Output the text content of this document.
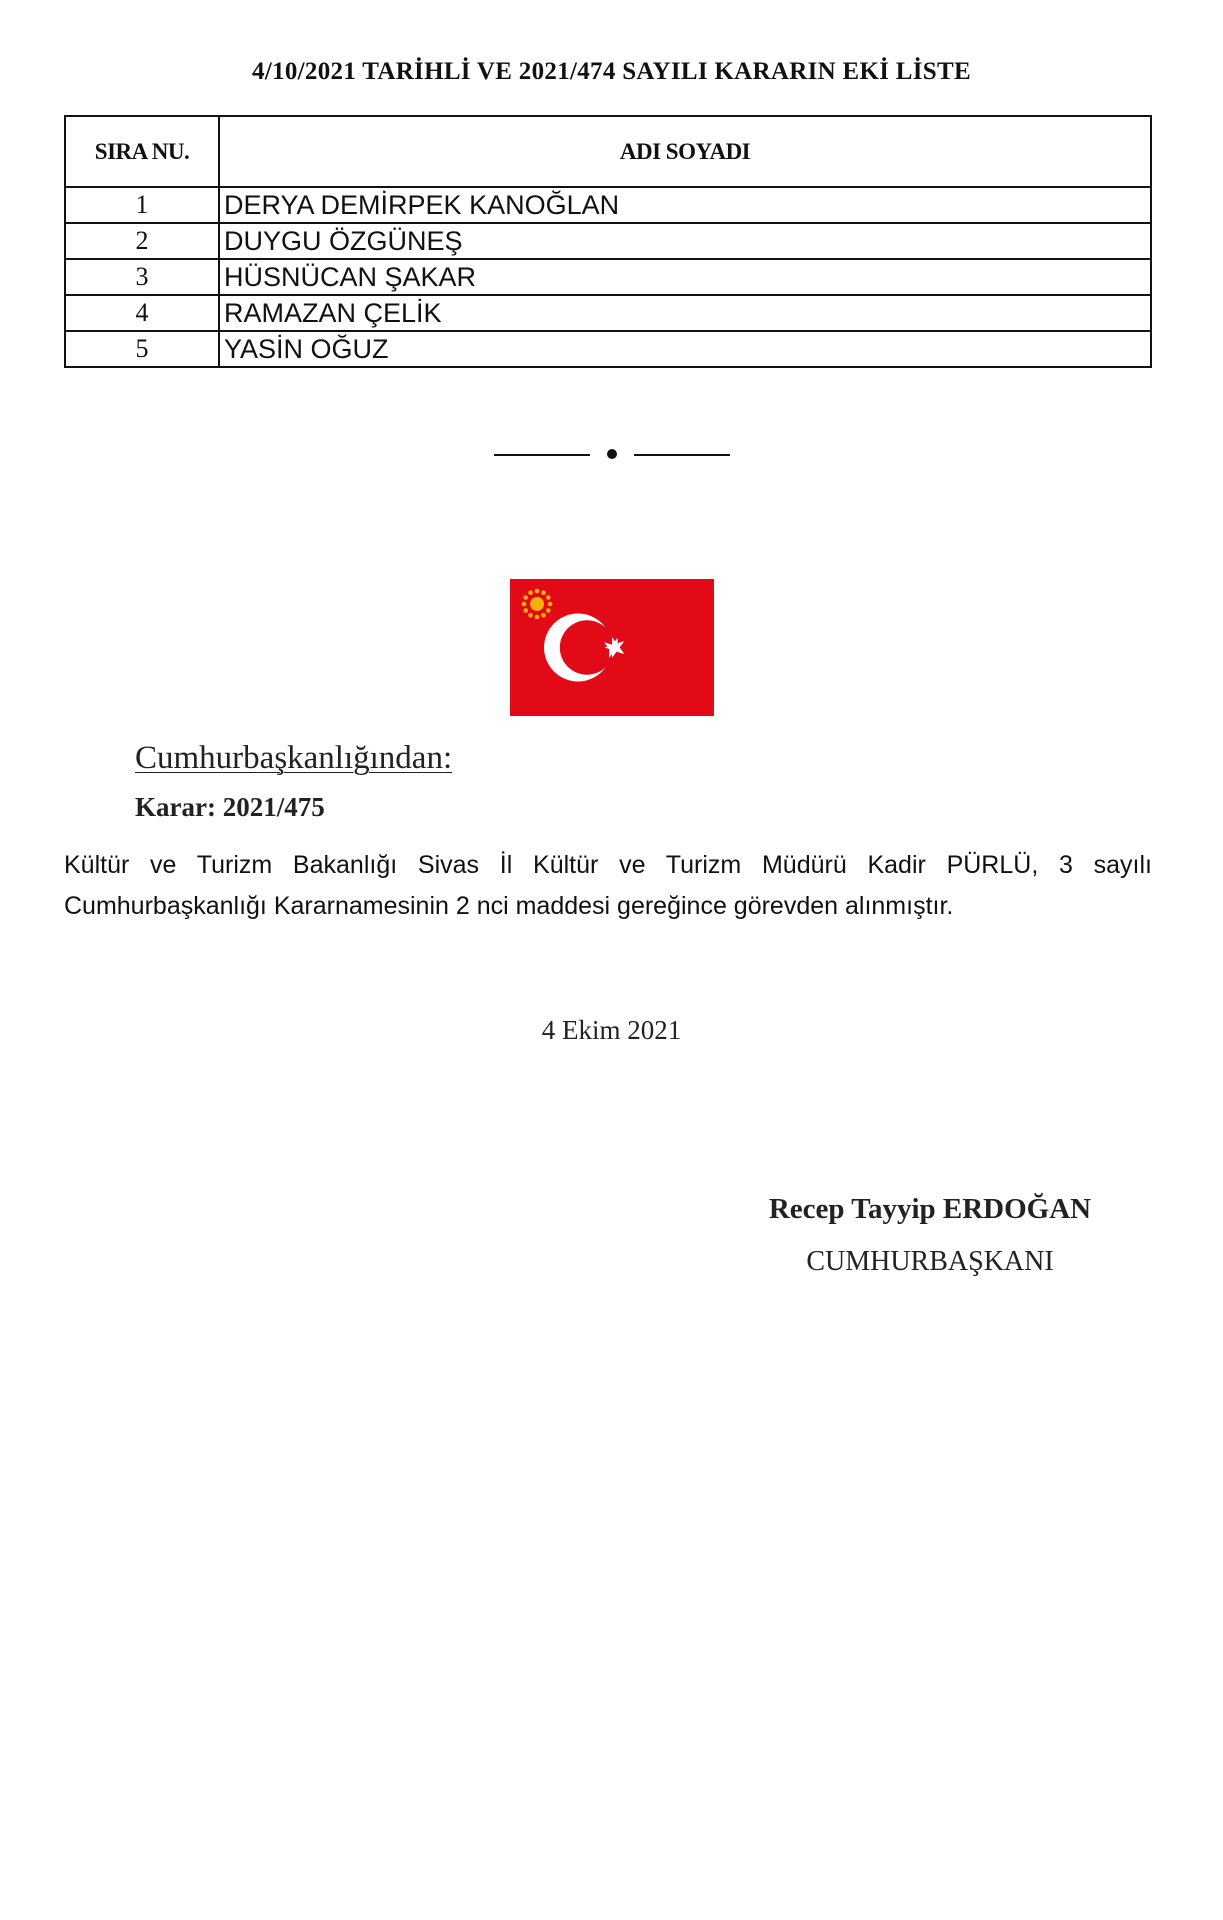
4/10/2021 TARİHLİ VE 2021/474 SAYILI KARARIN EKİ LİSTE
SIRA NU.	ADI SOYADI
1	DERYA DEMİRPEK KANOĞLAN
2	DUYGU ÖZGÜNEŞ
3	HÜSNÜCAN ŞAKAR
4	RAMAZAN ÇELİK
5	YASİN OĞUZ
Cumhurbaşkanlığından:
Karar: 2021/475
Kültür ve Turizm Bakanlığı Sivas İl Kültür ve Turizm Müdürü Kadir PÜRLÜ, 3 sayılı Cumhurbaşkanlığı Kararnamesinin 2 nci maddesi gereğince görevden alınmıştır.
4 Ekim 2021
Recep Tayyip ERDOĞAN
CUMHURBAŞKANI
